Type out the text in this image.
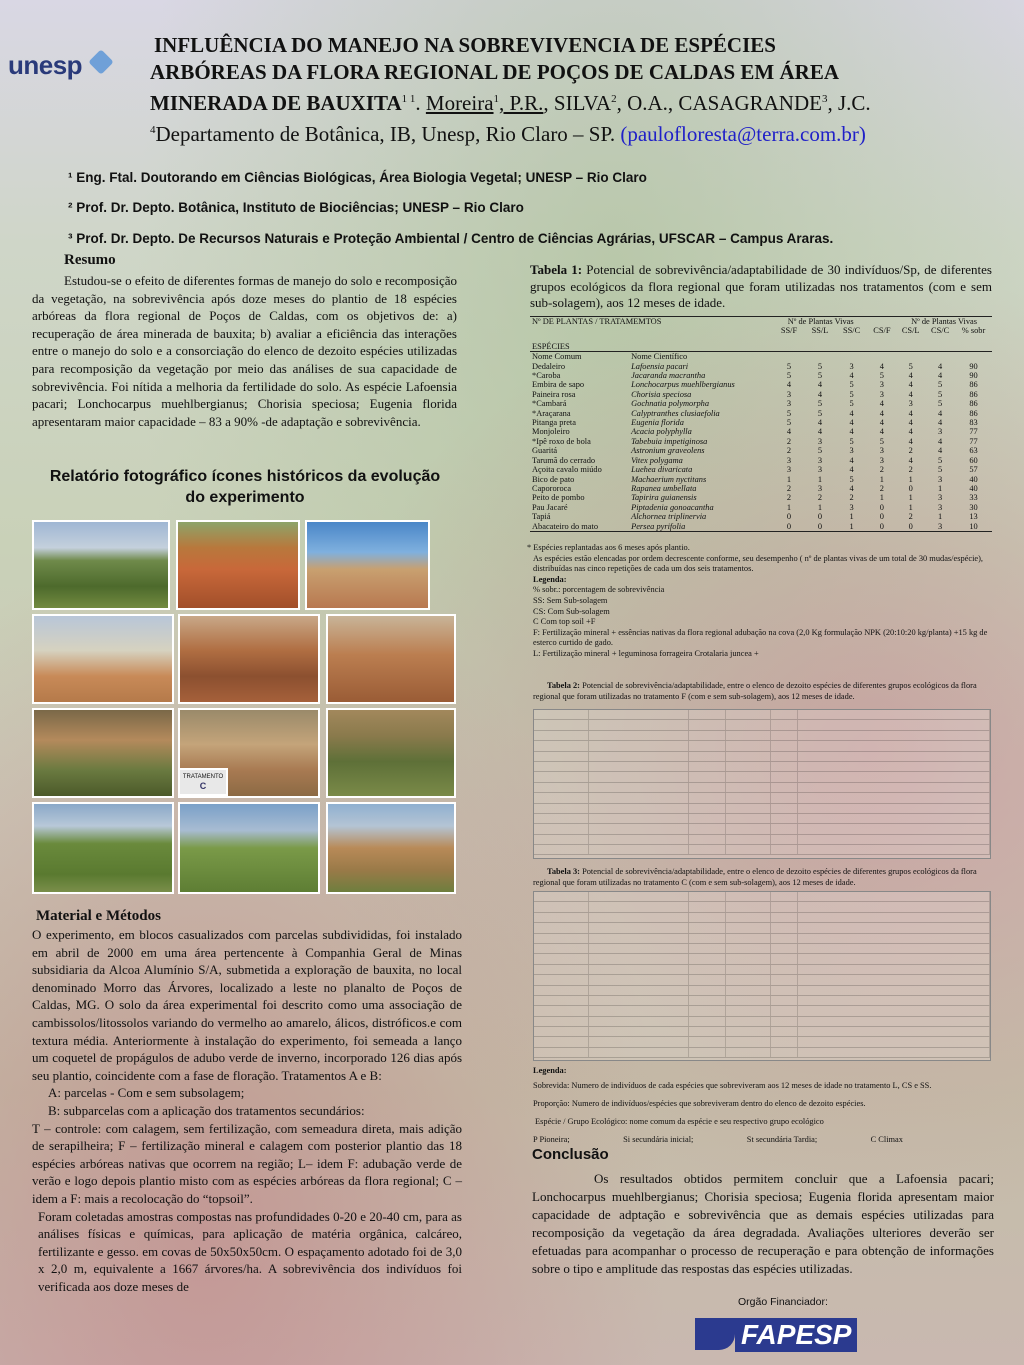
unesp
INFLUÊNCIA DO MANEJO NA SOBREVIVENCIA DE ESPÉCIES
ARBÓREAS DA FLORA REGIONAL DE POÇOS DE CALDAS EM ÁREA
MINERADA DE $BAUXITA^{1 1}$. Moreira$^1$, P.R., SILVA$^2$, O.A., CASAGRANDE$^3$, J.C.
$^4$Departamento de Botânica, IB, Unesp, Rio Claro – SP. (paulofloresta@terra.com.br)
¹ Eng. Ftal. Doutorando em Ciências Biológicas, Área Biologia Vegetal; UNESP – Rio Claro
² Prof. Dr. Depto. Botânica, Instituto de Biociências; UNESP – Rio Claro
³ Prof. Dr. Depto. De Recursos Naturais e Proteção Ambiental / Centro de Ciências Agrárias, UFSCAR – Campus Araras.
Resumo
Estudou-se o efeito de diferentes formas de manejo do solo e recomposição da vegetação, na sobrevivência após doze meses do plantio de 18 espécies arbóreas da flora regional de Poços de Caldas, com os objetivos de: a) recuperação de área minerada de bauxita; b) avaliar a eficiência das interações entre o manejo do solo e a consorciação do elenco de dezoito espécies utilizadas para recomposição da vegetação por meio das análises de sua capacidade de sobrevivência. Foi nítida a melhoria da fertilidade do solo. As espécie Lafoensia pacari; Lonchocarpus muehlbergianus; Chorisia speciosa; Eugenia florida apresentaram maior capacidade – 83 a 90% -de adaptação e sobrevivência.
Relatório fotográfico ícones históricos da evolução do experimento
TRATAMENTO
C
Material e Métodos
O experimento, em blocos casualizados com parcelas subdivididas, foi instalado em abril de 2000 em uma área pertencente à Companhia Geral de Minas subsidiaria da Alcoa Alumínio S/A, submetida a exploração de bauxita, no local denominado Morro das Árvores, localizado a leste no planalto de Poços de Caldas, MG. O solo da área experimental foi descrito como uma associação de cambissolos/litossolos variando do vermelho ao amarelo, álicos, distróficos.e com textura média. Anteriormente à instalação do experimento, foi semeada a lanço um coquetel de propágulos de adubo verde de inverno, incorporado 126 dias após seu plantio, coincidente com a fase de floração. Tratamentos A e B:
A: parcelas - Com e sem subsolagem;
B: subparcelas com a aplicação dos tratamentos secundários:
T – controle: com calagem, sem fertilização, com semeadura direta, mais adição de serapilheira; F – fertilização mineral e calagem com posterior plantio das 18 espécies arbóreas nativas que ocorrem na região; L– idem F: adubação verde de verão e logo depois plantio misto com as espécies arbóreas da flora regional; C – idem a F: mais a recolocação do “topsoil”.
Foram coletadas amostras compostas nas profundidades 0-20 e 20-40 cm, para as análises físicas e químicas, para aplicação de matéria orgânica, calcáreo, fertilizante e gesso. em covas de 50x50x50cm. O espaçamento adotado foi de 3,0 x 2,0 m, equivalente a 1667 árvores/ha. A sobrevivência dos indivíduos foi verificada aos doze meses de
Tabela 1: Potencial de sobrevivência/adaptabilidade de 30 indivíduos/Sp, de diferentes grupos ecológicos da flora regional que foram utilizadas nos tratamentos (com e sem sub-solagem), aos 12 meses de idade.
Nº DE PLANTAS / TRATAMEMTOS		Nº de Plantas Vivas				Nº de Plantas Vivas		
		SS/F	SS/L	SS/C	CS/F	CS/L	CS/C	% sobr
ESPÉCIES								
Nome Comum	Nome Científico							
Dedaleiro	Lafoensia pacari	5	5	3	4	5	4	90
*Caroba	Jacaranda macrantha	5	5	4	5	4	4	90
Embira de sapo	Lonchocarpus muehlbergianus	4	4	5	3	4	5	86
Paineira rosa	Chorisia speciosa	3	4	5	3	4	5	86
*Cambará	Gochnatia polymorpha	3	5	5	4	3	5	86
*Araçarana	Calyptranthes clusiaefolia	5	5	4	4	4	4	86
Pitanga preta	Eugenia florida	5	4	4	4	4	4	83
Monjoleiro	Acacia polyphylla	4	4	4	4	4	3	77
*Ipê roxo de bola	Tabebuia impetiginosa	2	3	5	5	4	4	77
Guaritá	Astronium graveolens	2	5	3	3	2	4	63
Tarumã do cerrado	Vitex polygama	3	3	4	3	4	5	60
Açoita cavalo miúdo	Luehea divaricata	3	3	4	2	2	5	57
Bico de pato	Machaerium nyctitans	1	1	5	1	1	3	40
Capororoca	Rapanea umbellata	2	3	4	2	0	1	40
Peito de pombo	Tapirira guianensis	2	2	2	1	1	3	33
Pau Jacaré	Piptadenia gonoacantha	1	1	3	0	1	3	30
Tapiá	Alchornea triplinervia	0	0	1	0	2	1	13
Abacateiro do mato	Persea pyrifolia	0	0	1	0	0	3	10
* Espécies replantadas aos 6 meses após plantio.
As espécies estão elencadas por ordem decrescente conforme, seu desempenho ( nº de plantas vivas de um total de 30 mudas/espécie), distribuídas nas cinco repetições de cada um dos seis tratamentos.
Legenda:
% sobr.: porcentagem de sobrevivência
SS: Sem Sub-solagem
CS: Com Sub-solagem
C Com top soil +F
F: Fertilização mineral + essências nativas da flora regional adubação na cova (2,0 Kg formulação NPK (20:10:20 kg/planta) +15 kg de esterco curtido de gado.
L: Fertilização mineral + leguminosa forrageira Crotalaria juncea +
Tabela 2: Potencial de sobrevivência/adaptabilidade, entre o elenco de dezoito espécies de diferentes grupos ecológicos da flora regional que foram utilizadas no tratamento F (com e sem sub-solagem), aos 12 meses de idade.
Tabela 3: Potencial de sobrevivência/adaptabilidade, entre o elenco de dezoito espécies de diferentes grupos ecológicos da flora regional que foram utilizadas no tratamento C (com e sem sub-solagem), aos 12 meses de idade.
Legenda:
Sobrevida: Numero de indivíduos de cada espécies que sobreviveram aos 12 meses de idade no tratamento L, CS e SS.
Proporção: Numero de indivíduos/espécies que sobreviveram dentro do elenco de dezoito espécies.
Espécie / Grupo Ecológico: nome comum da espécie e seu respectivo grupo ecológico
P Pioneira;	Si secundária inicial;	St secundária Tardia;	C Climax
Conclusão
Os resultados obtidos permitem concluir que a Lafoensia pacari; Lonchocarpus muehlbergianus; Chorisia speciosa; Eugenia florida apresentam maior capacidade de adptação e sobrevivência que as demais espécies utilizadas para recomposição da vegetação da área degradada. Avaliações ulteriores deverão ser efetuadas para acompanhar o processo de recuperação e para obtenção de informações sobre o tipo e amplitude das respostas das espécies utilizadas.
Orgão Financiador:
FAPESP
